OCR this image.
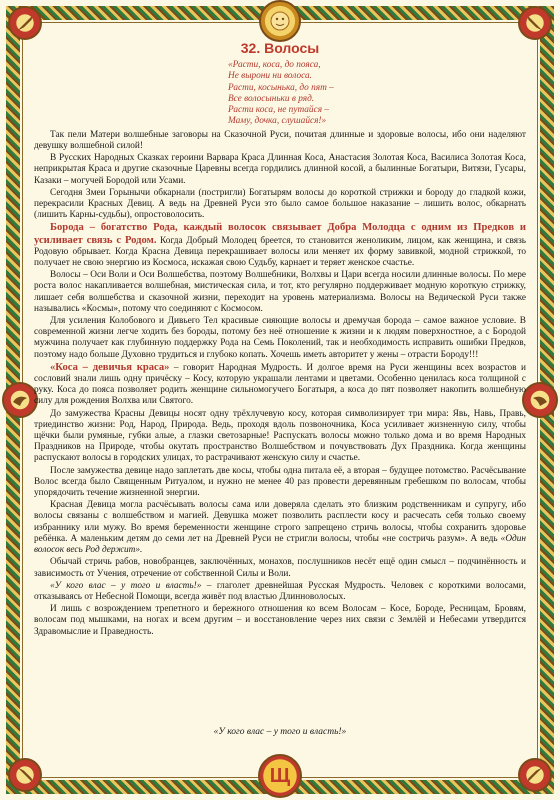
Щ
32. Волосы
«Расти, коса, до пояса,
Не вырони ни волоса.
Расти, косынька, до пят –
Все волосыньки в ряд.
Расти коса, не путайся –
Маму, дочка, слушайся!»

Так пели Матери волшебные заговоры на Сказочной Руси, почитая длинные и здоровые волосы, ибо они наделяют девушку волшебной силой!

В Русских Народных Сказках героини Варвара Краса Длинная Коса, Анастасия Золотая Коса, Василиса Золотая Коса, неприкрытая Краса и другие сказочные Царевны всегда гордились длинной косой, а былинные Богатыри, Витязи, Гусары, Казаки – могучей Бородой или Усами.

Сегодня Змеи Горынычи обкарнали (постригли) Богатырям волосы до короткой стрижки и бороду до гладкой кожи, перекрасили Красных Девиц. А ведь на Древней Руси это было самое большое наказание – лишить волос, обкарнать (лишить Карны-судьбы), опростоволосить.

Борода – богатство Рода, каждый волосок связывает Добра Молодца с одним из Предков и усиливает связь с Родом. Когда Добрый Молодец бреется, то становится женоликим, лицом, как женщина, и связь Родовую обрывает. Когда Красна Девица перекрашивает волосы или меняет их форму завивкой, модной стрижкой, то получает не свою энергию из Космоса, искажая свою Судьбу, карнает и теряет женское счастье.

Волосы – Оси Воли и Оси Волшебства, поэтому Волшебники, Волхвы и Цари всегда носили длинные волосы. По мере роста волос накапливается волшебная, мистическая сила, и тот, кто регулярно поддерживает модную короткую стрижку, лишает себя волшебства и сказочной жизни, переходит на уровень материализма. Волосы на Ведической Руси также назывались «Космы», потому что соединяют с Космосом.

Для усиления Колобового и Дивьего Тел красивые сияющие волосы и дремучая борода – самое важное условие. В современной жизни легче ходить без бороды, потому без неё отношение к жизни и к людям поверхностное, а с Бородой мужчина получает как глубинную поддержку Рода на Семь Поколений, так и необходимость исправить ошибки Предков, поэтому надо больше Духовно трудиться и глубоко копать. Хочешь иметь авторитет у жены – отрасти Бороду!!!

«Коса – девичья краса» – говорит Народная Мудрость. И долгое время на Руси женщины всех возрастов и сословий знали лишь одну причёску – Косу, которую украшали лентами и цветами. Особенно ценилась коса толщиной с руку. Коса до пояса позволяет родить женщине сильномогучего Богатыря, а коса до пят позволяет накопить волшебную силу для рождения Волхва или Святого.

До замужества Красны Девицы носят одну трёхлучевую косу, которая символизирует три мира: Явь, Навь, Правь, триединство жизни: Род, Народ, Природа. Ведь, проходя вдоль позвоночника, Коса усиливает жизненную силу, чтобы щёчки были румяные, губки алые, а глазки светозарные! Распускать волосы можно только дома и во время Народных Праздников на Природе, чтобы окутать пространство Волшебством и почувствовать Дух Праздника. Когда женщины распускают волосы в городских улицах, то растрачивают женскую силу и счастье.

После замужества девице надо заплетать две косы, чтобы одна питала её, а вторая – будущее потомство. Расчёсывание Волос всегда было Священным Ритуалом, и нужно не менее 40 раз провести деревянным гребешком по волосам, чтобы упорядочить течение жизненной энергии.

Красная Девица могла расчёсывать волосы сама или доверяла сделать это близким родственникам и супругу, ибо волосы связаны с волшебством и магией. Девушка может позволить расплести косу и расчесать себя только своему избраннику или мужу. Во время беременности женщине строго запрещено стричь волосы, чтобы сохранить здоровье ребёнка. А маленьким детям до семи лет на Древней Руси не стригли волосы, чтобы «не состричь разум». А ведь «Один волосок весь Род держит».

Обычай стричь рабов, новобранцев, заключённых, монахов, послушников несёт ещё один смысл – подчинённость и зависимость от Учения, отречение от собственной Силы и Воли.

«У кого влас – у того и власть!» – глаголет древнейшая Русская Мудрость. Человек с короткими волосами, отказываясь от Небесной Помощи, всегда живёт под властью Длинноволосых.

И лишь с возрождением трепетного и бережного отношения ко всем Волосам – Косе, Бороде, Ресницам, Бровям, волосам под мышками, на ногах и всем другим – и восстановление через них связи с Землёй и Небесами утвердится Здравомыслие и Праведность.

«У кого влас – у того и власть!»
